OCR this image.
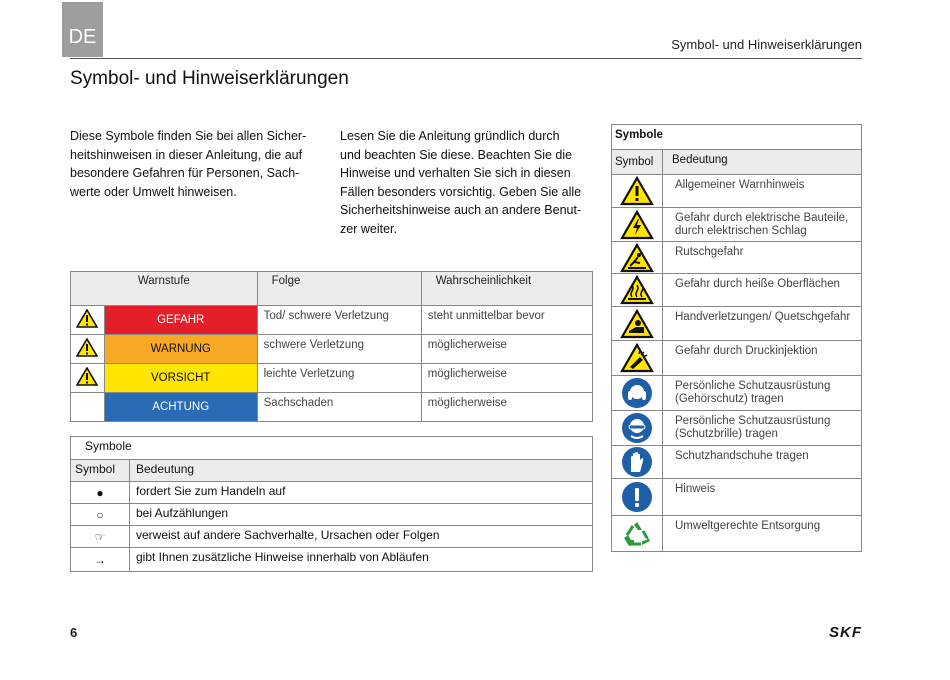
DE	Symbol- und Hinweiserklärungen
Symbol- und Hinweiserklärungen

Diese Symbole finden Sie bei allen Sicher-
heitshinweisen in dieser Anleitung, die auf
besondere Gefahren für Personen, Sach-
werte oder Umwelt hinweisen.

Lesen Sie die Anleitung gründlich durch
und beachten Sie diese. Beachten Sie die
Hinweise und verhalten Sie sich in diesen
Fällen besonders vorsichtig. Geben Sie alle
Sicherheitshinweise auch an andere Benut-
zer weiter.

Warnstufe		Folge	Wahrscheinlichkeit
	GEFAHR	Tod/ schwere Verletzung	steht unmittelbar bevor
	WARNUNG	schwere Verletzung	möglicherweise
	VORSICHT	leichte Verletzung	möglicherweise
	ACHTUNG	Sachschaden	möglicherweise
Symbole	
Symbol	Bedeutung
●	fordert Sie zum Handeln auf
○	bei Aufzählungen
☞	verweist auf andere Sachverhalte, Ursachen oder Folgen
→	gibt Ihnen zusätzliche Hinweise innerhalb von Abläufen
Symbole	
Symbol	Bedeutung

	Allgemeiner Warnhinweis

	Gefahr durch elektrische Bauteile, durch elektrischen Schlag

	Rutschgefahr

	Gefahr durch heiße Oberflächen

	Handverletzungen/ Quetschgefahr

	Gefahr durch Druckinjektion

	Persönliche Schutzausrüstung (Gehörschutz) tragen

	Persönliche Schutzausrüstung (Schutzbrille) tragen

	Schutzhandschuhe tragen

	Hinweis

	Umweltgerechte Entsorgung
6	SKF
